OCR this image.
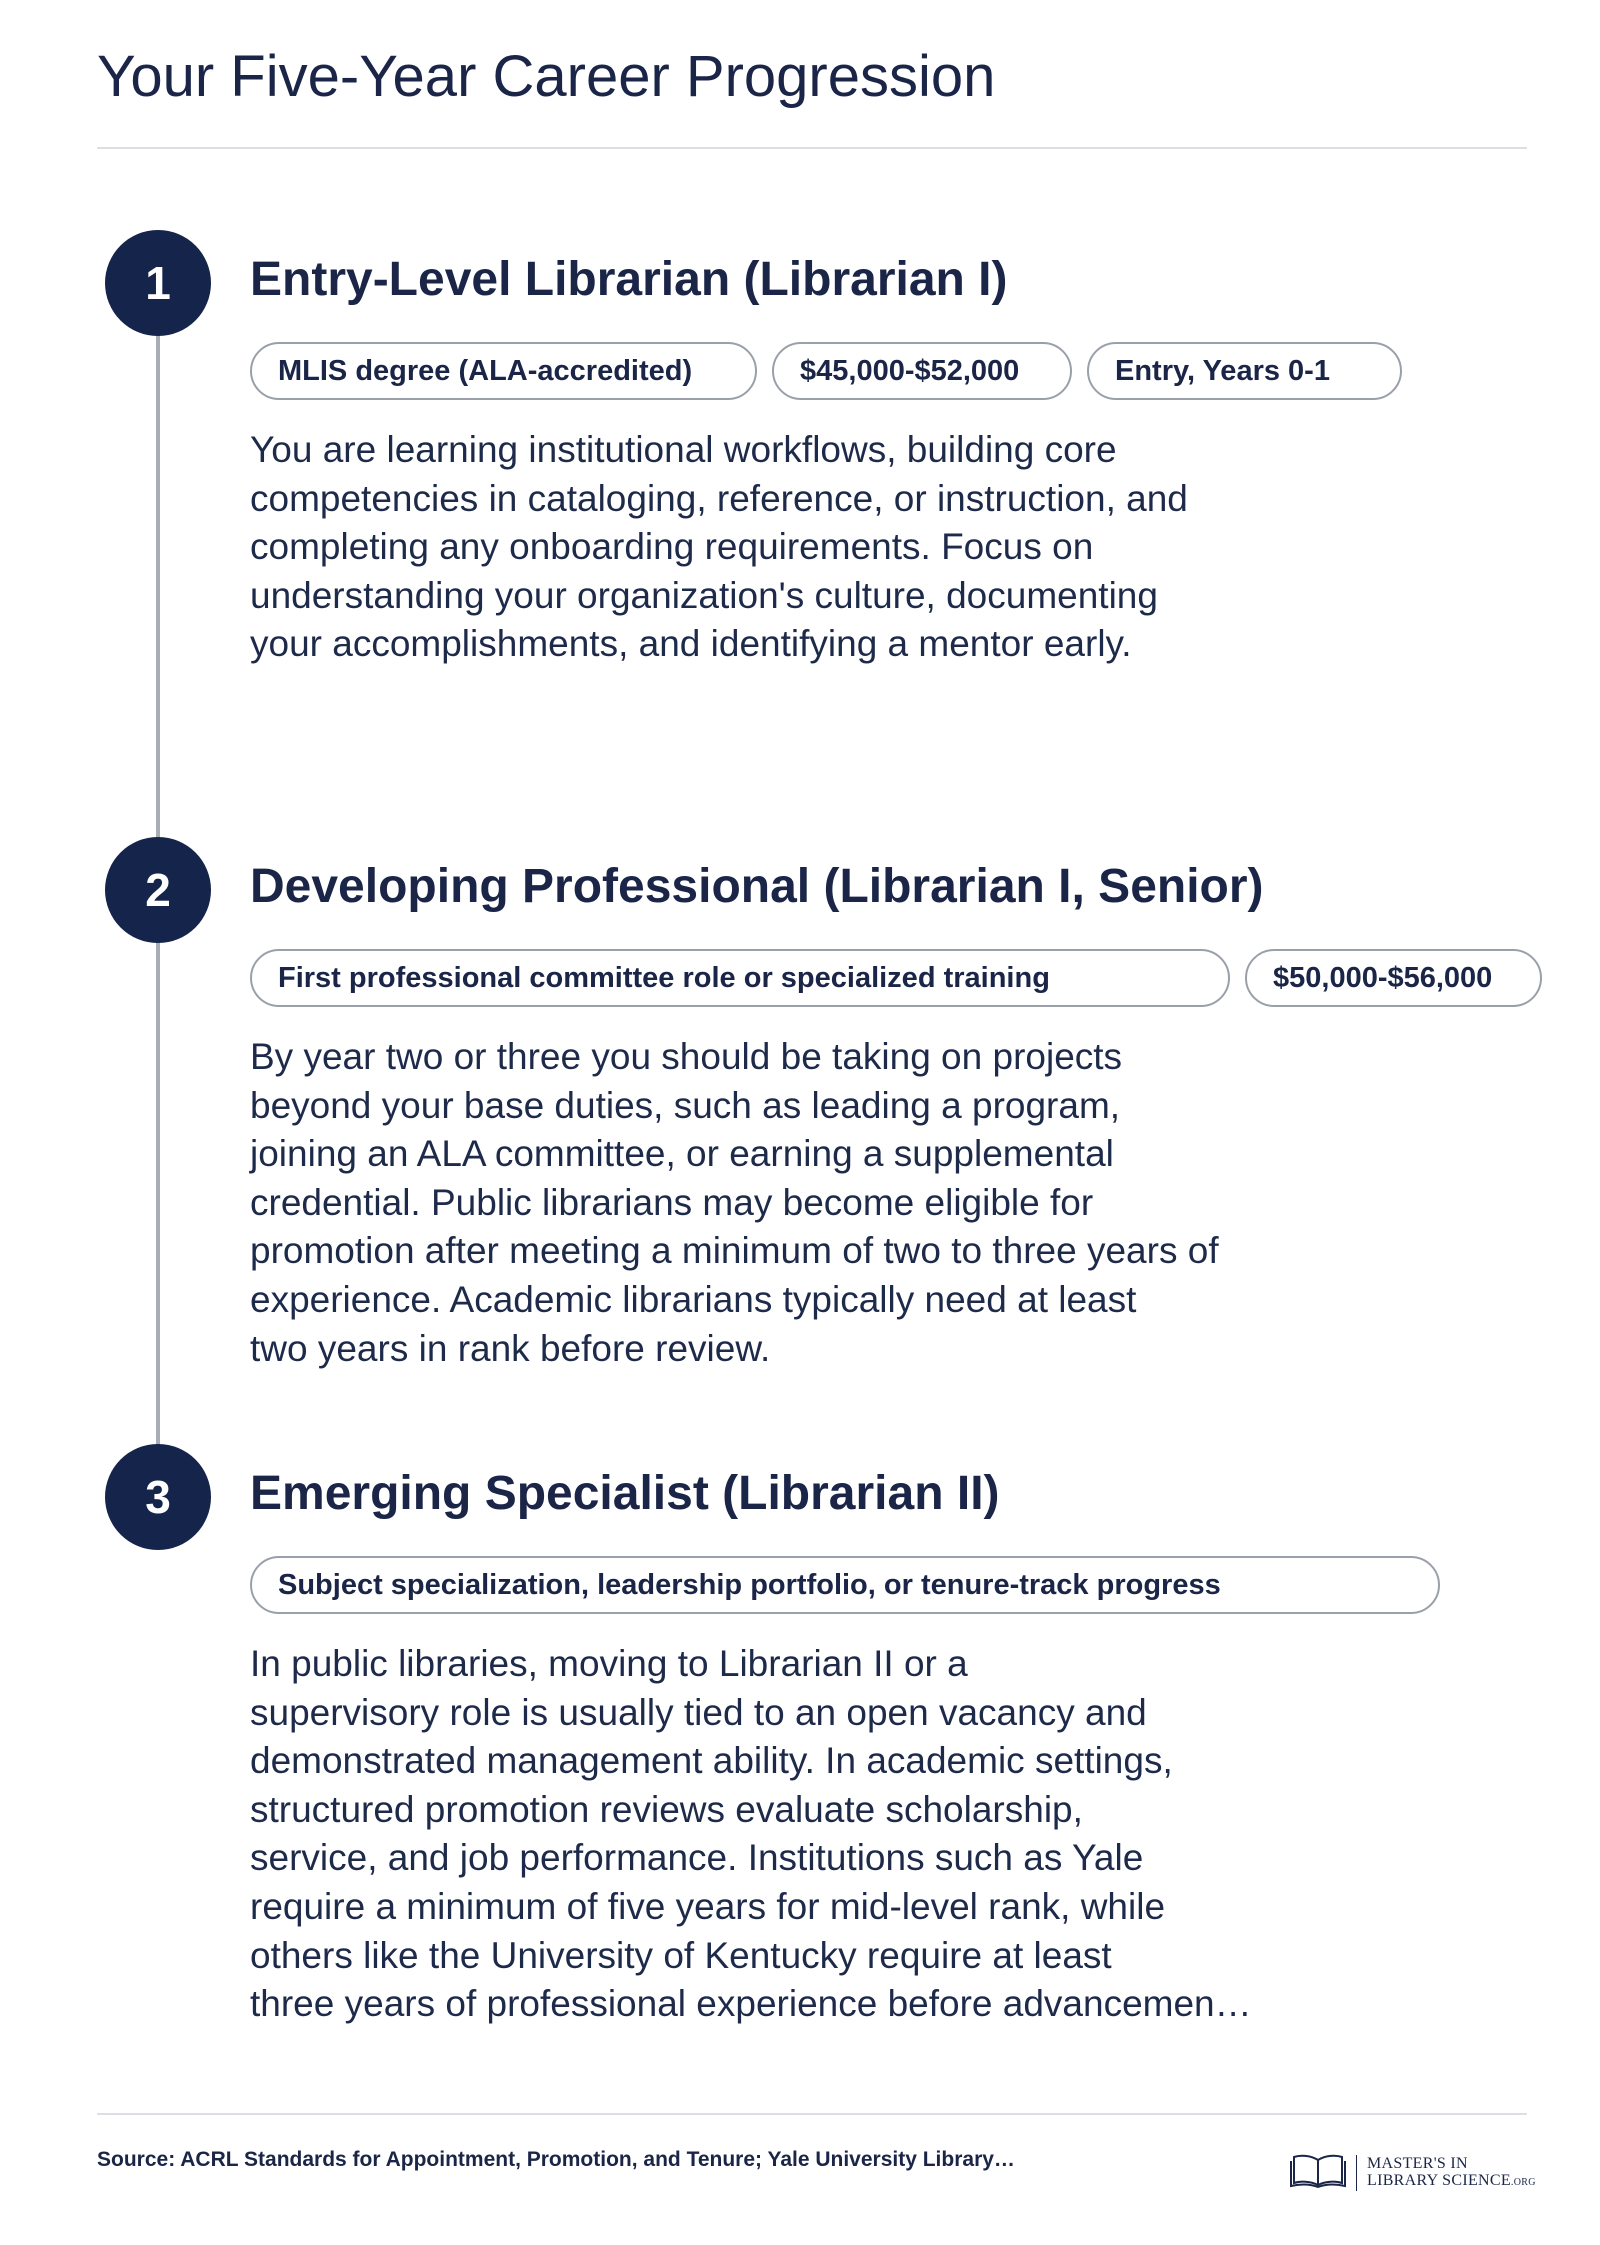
Your Five-Year Career Progression
1	Entry-Level Librarian (Librarian I)
MLIS degree (ALA-accredited)	$45,000-$52,000	Entry, Years 0-1

You are learning institutional workflows, building core
competencies in cataloging, reference, or instruction, and
completing any onboarding requirements. Focus on
understanding your organization's culture, documenting
your accomplishments, and identifying a mentor early.

2	Developing Professional (Librarian I, Senior)
First professional committee role or specialized training	$50,000-$56,000

By year two or three you should be taking on projects
beyond your base duties, such as leading a program,
joining an ALA committee, or earning a supplemental
credential. Public librarians may become eligible for
promotion after meeting a minimum of two to three years of
experience. Academic librarians typically need at least
two years in rank before review.

3	Emerging Specialist (Librarian II)
Subject specialization, leadership portfolio, or tenure-track progress

In public libraries, moving to Librarian II or a
supervisory role is usually tied to an open vacancy and
demonstrated management ability. In academic settings,
structured promotion reviews evaluate scholarship,
service, and job performance. Institutions such as Yale
require a minimum of five years for mid-level rank, while
others like the University of Kentucky require at least
three years of professional experience before advancemen…

Source: ACRL Standards for Appointment, Promotion, and Tenure; Yale University Library…	MASTER'S IN
LIBRARY SCIENCE.ORG
